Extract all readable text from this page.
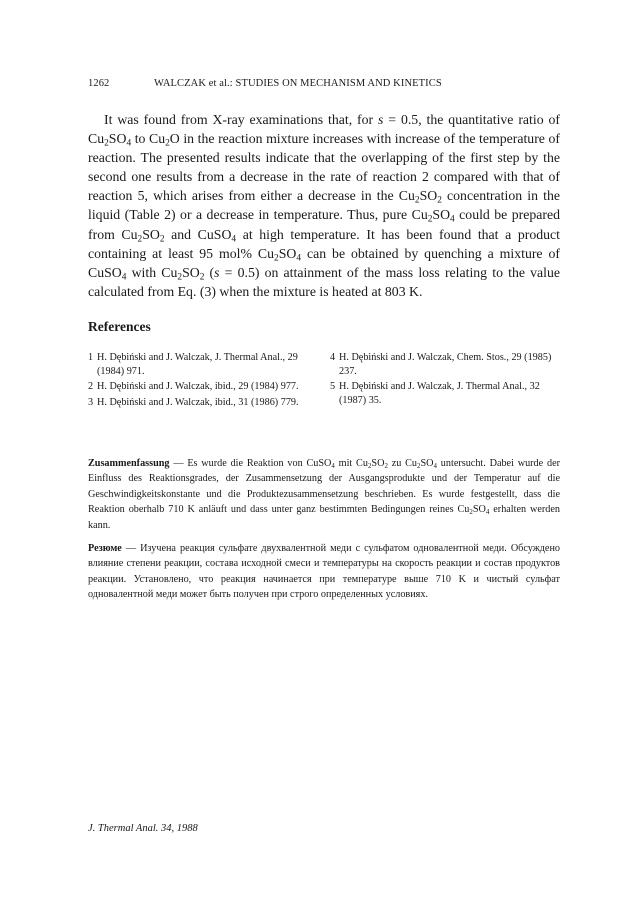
1262	WALCZAK et al.: STUDIES ON MECHANISM AND KINETICS

It was found from X-ray examinations that, for s = 0.5, the quantitative ratio of $Cu_2SO_4$ to $Cu_2O$ in the reaction mixture increases with increase of the temperature of reaction. The presented results indicate that the overlapping of the first step by the second one results from a decrease in the rate of reaction 2 compared with that of reaction 5, which arises from either a decrease in the $Cu_2SO_2$ concentration in the liquid (Table 2) or a decrease in temperature. Thus, pure $Cu_2SO_4$ could be prepared from $Cu_2SO_2$ and CuSO$_4$ at high temperature. It has been found that a product containing at least 95 mol% $Cu_2SO_4$ can be obtained by quenching a mixture of CuSO$_4$ with $Cu_2SO_2$ (s = 0.5) on attainment of the mass loss relating to the value calculated from Eq. (3) when the mixture is heated at 803 K.

References
1 H. Dębiński and J. Walczak, J. Thermal Anal., 29 (1984) 971.
2 H. Dębiński and J. Walczak, ibid., 29 (1984) 977.
3 H. Dębiński and J. Walczak, ibid., 31 (1986) 779.
4 H. Dębiński and J. Walczak, Chem. Stos., 29 (1985) 237.
5 H. Dębiński and J. Walczak, J. Thermal Anal., 32 (1987) 35.
Zusammenfassung — Es wurde die Reaktion von CuSO$_4$ mit $Cu_2SO_2$ zu $Cu_2SO_4$ untersucht. Dabei wurde der Einfluss des Reaktionsgrades, der Zusammensetzung der Ausgangsprodukte und der Temperatur auf die Geschwindigkeitskonstante und die Produktezusammensetzung beschrieben. Es wurde festgestellt, dass die Reaktion oberhalb 710 K anläuft und dass unter ganz bestimmten Bedingungen reines $Cu_2SO_4$ erhalten werden kann.
Резюме — Изучена реакция сульфате двухвалентной меди с сульфатом одновалентной меди. Обсуждено влияние степени реакции, состава исходной смеси и температуры на скорость реакции и состав продуктов реакции. Установлено, что реакция начинается при температуре выше 710 K и чистый сульфат одновалентной меди может быть получен при строго определенных условиях.
J. Thermal Anal. 34, 1988
